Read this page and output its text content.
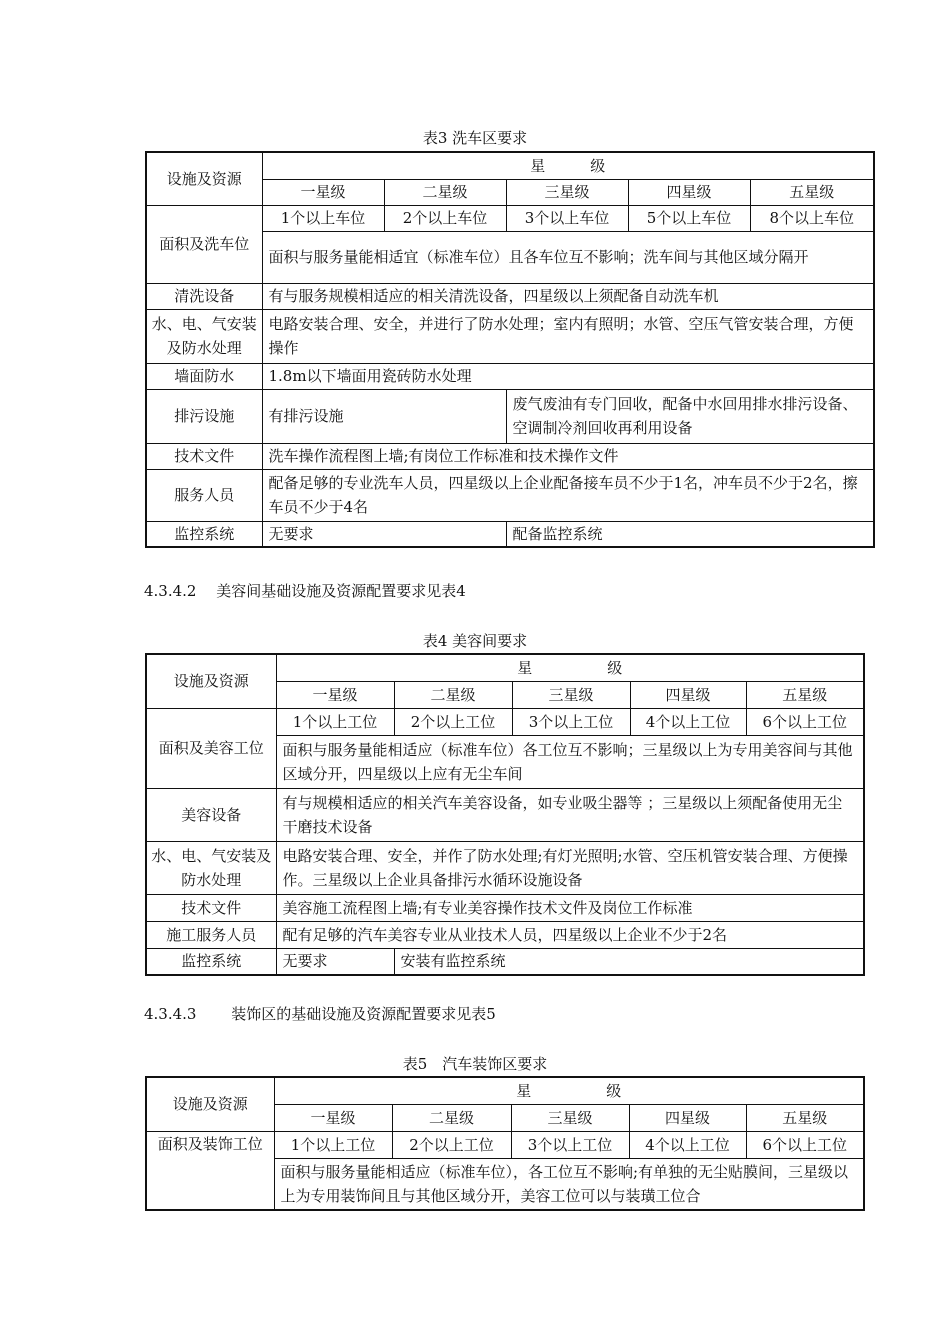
表3 洗车区要求
设施及资源	星　　　级				
	一星级	二星级	三星级	四星级	五星级
面积及洗车位	1个以上车位	2个以上车位	3个以上车位	5个以上车位	8个以上车位
	面积与服务量能相适宜（标准车位）且各车位互不影响；洗车间与其他区域分隔开				
清洗设备	有与服务规模相适应的相关清洗设备，四星级以上须配备自动洗车机				
水、电、气安装及防水处理	电路安装合理、安全，并进行了防水处理；室内有照明；水管、空压气管安装合理，方便操作				
墙面防水	1.8m以下墙面用瓷砖防水处理				
排污设施	有排污设施		废气废油有专门回收，配备中水回用排水排污设备、空调制冷剂回收再利用设备		
技术文件	洗车操作流程图上墙;有岗位工作标准和技术操作文件				
服务人员	配备足够的专业洗车人员，四星级以上企业配备接车员不少于1名，冲车员不少于2名，擦车员不少于4名				
监控系统	无要求		配备监控系统		
4.3.4.2　 美容间基础设施及资源配置要求见表4
表4 美容间要求
设施及资源	星　　　　　级				
	一星级	二星级	三星级	四星级	五星级
面积及美容工位	1个以上工位	2个以上工位	3个以上工位	4个以上工位	6个以上工位
	面积与服务量能相适应（标准车位）各工位互不影响；三星级以上为专用美容间与其他区域分开，四星级以上应有无尘车间				
美容设备	有与规模相适应的相关汽车美容设备，如专业吸尘器等 ；三星级以上须配备使用无尘干磨技术设备				
水、电、气安装及防水处理	电路安装合理、安全，并作了防水处理;有灯光照明;水管、空压机管安装合理、方便操作。三星级以上企业具备排污水循环设施设备				
技术文件	美容施工流程图上墙;有专业美容操作技术文件及岗位工作标准				
施工服务人员	配有足够的汽车美容专业从业技术人员，四星级以上企业不少于2名				
监控系统	无要求	安装有监控系统			
4.3.4.3　　 装饰区的基础设施及资源配置要求见表5
表5　汽车装饰区要求
设施及资源	星　　　　　级				
	一星级	二星级	三星级	四星级	五星级
面积及装饰工位	1个以上工位	2个以上工位	3个以上工位	4个以上工位	6个以上工位
	面积与服务量能相适应（标准车位），各工位互不影响;有单独的无尘贴膜间，三星级以上为专用装饰间且与其他区域分开，美容工位可以与装璜工位合				
